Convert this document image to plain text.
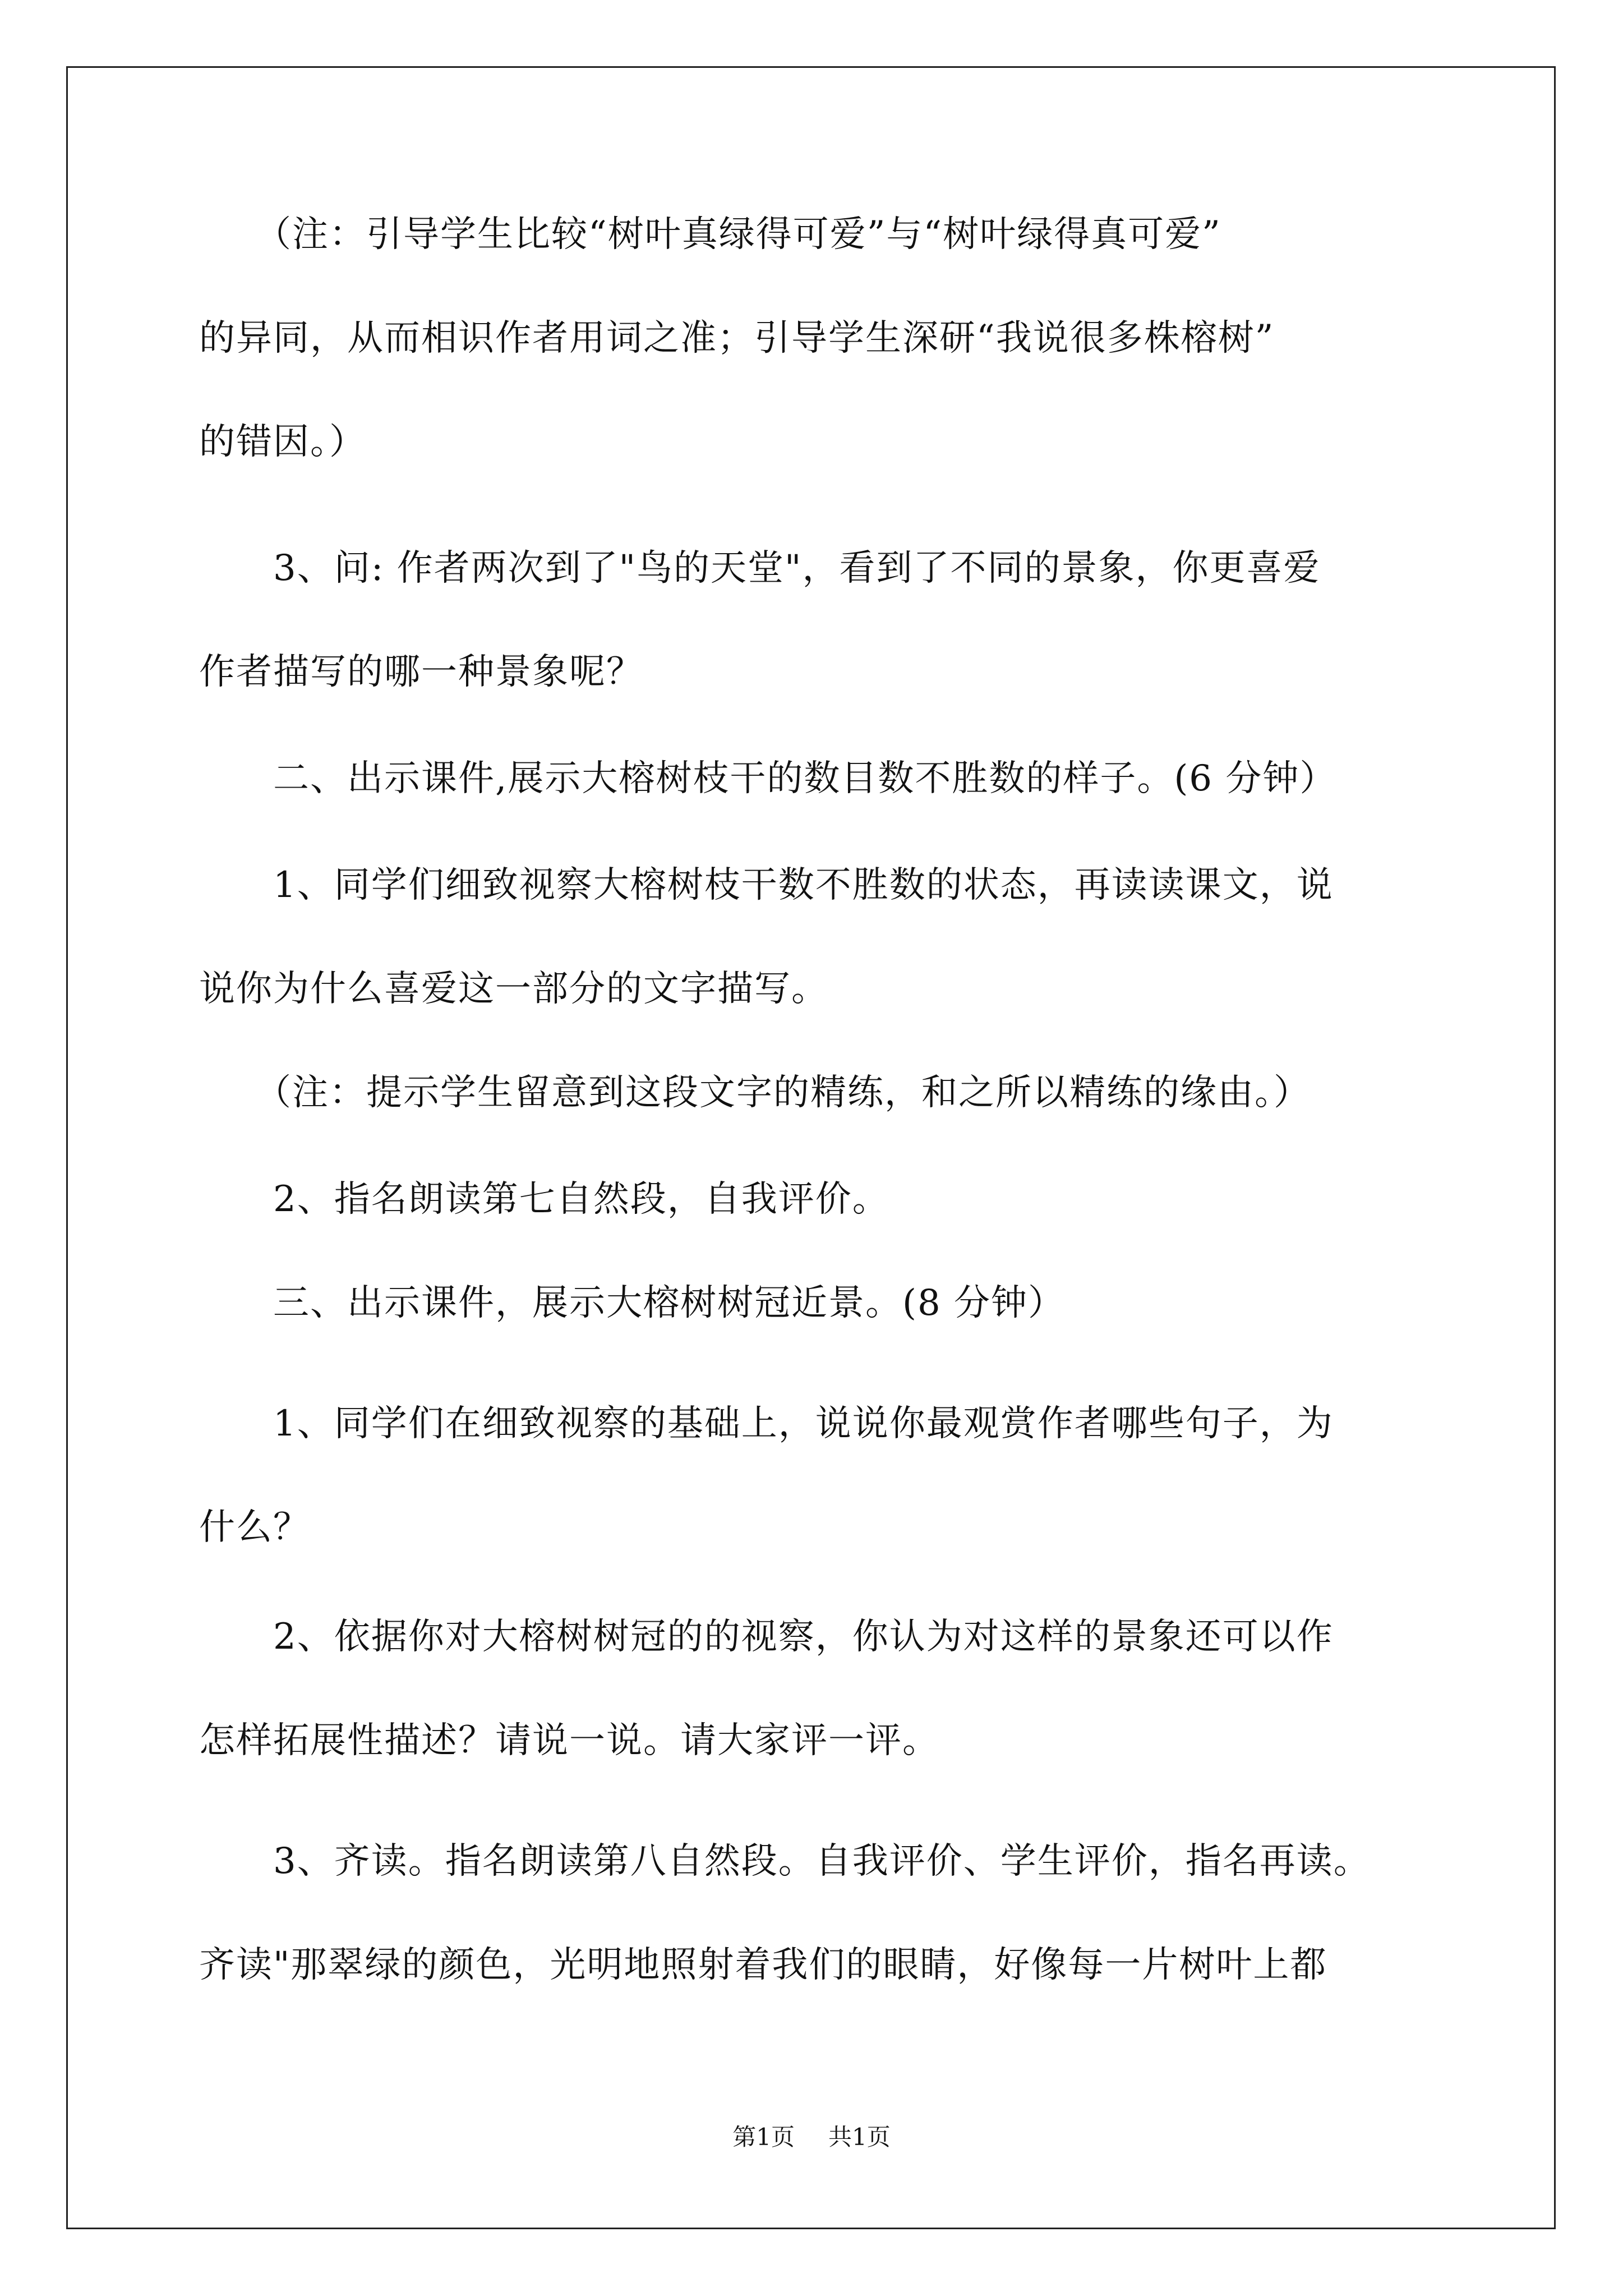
　　（注：引导学生比较“树叶真绿得可爱”与“树叶绿得真可爱”
的异同，从而相识作者用词之准；引导学生深研“我说很多株榕树”
的错因。）
　　3、问: 作者两次到了"鸟的天堂"，看到了不同的景象，你更喜爱
作者描写的哪一种景象呢？
　　二、出示课件,展示大榕树枝干的数目数不胜数的样子。(6 分钟）
　　1、同学们细致视察大榕树枝干数不胜数的状态，再读读课文，说
说你为什么喜爱这一部分的文字描写。
　　（注：提示学生留意到这段文字的精练，和之所以精练的缘由。）
　　2、指名朗读第七自然段，自我评价。
　　三、出示课件，展示大榕树树冠近景。(8 分钟）
　　1、同学们在细致视察的基础上，说说你最观赏作者哪些句子，为
什么？
　　2、依据你对大榕树树冠的的视察，你认为对这样的景象还可以作
怎样拓展性描述？请说一说。请大家评一评。
　　3、齐读。指名朗读第八自然段。自我评价、学生评价，指名再读。
齐读"那翠绿的颜色，光明地照射着我们的眼睛，好像每一片树叶上都
第1页 共1页
